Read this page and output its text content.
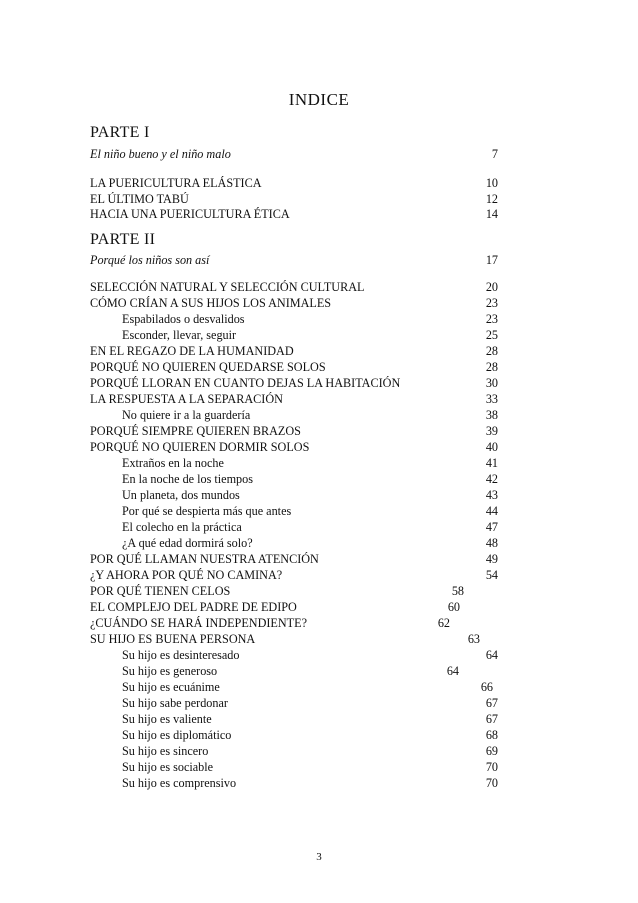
INDICE
PARTE I
PARTE II
El niño bueno y el niño malo	7
LA PUERICULTURA ELÁSTICA	10
EL ÚLTIMO TABÚ	12
HACIA UNA PUERICULTURA ÉTICA	14
Porqué los niños son así	17
SELECCIÓN NATURAL Y SELECCIÓN CULTURAL	20
CÓMO CRÍAN A SUS HIJOS LOS ANIMALES	23
Espabilados o desvalidos	23
Esconder, llevar, seguir	25
EN EL REGAZO DE LA HUMANIDAD	28
PORQUÉ NO QUIEREN QUEDARSE SOLOS	28
PORQUÉ LLORAN EN CUANTO DEJAS LA HABITACIÓN	30
LA RESPUESTA A LA SEPARACIÓN	33
No quiere ir a la guardería	38
PORQUÉ SIEMPRE QUIEREN BRAZOS	39
PORQUÉ NO QUIEREN DORMIR SOLOS	40
Extraños en la noche	41
En la noche de los tiempos	42
Un planeta, dos mundos	43
Por qué se despierta más que antes	44
El colecho en la práctica	47
¿A qué edad dormirá solo?	48
POR QUÉ LLAMAN NUESTRA ATENCIÓN	49
¿Y AHORA POR QUÉ NO CAMINA?	54
POR QUÉ TIENEN CELOS	58
EL COMPLEJO DEL PADRE DE EDIPO	60
¿CUÁNDO SE HARÁ INDEPENDIENTE?	62
SU HIJO ES BUENA PERSONA	63
Su hijo es desinteresado	64
Su hijo es generoso	64
Su hijo es ecuánime	66
Su hijo sabe perdonar	67
Su hijo es valiente	67
Su hijo es diplomático	68
Su hijo es sincero	69
Su hijo es sociable	70
Su hijo es comprensivo	70
3
